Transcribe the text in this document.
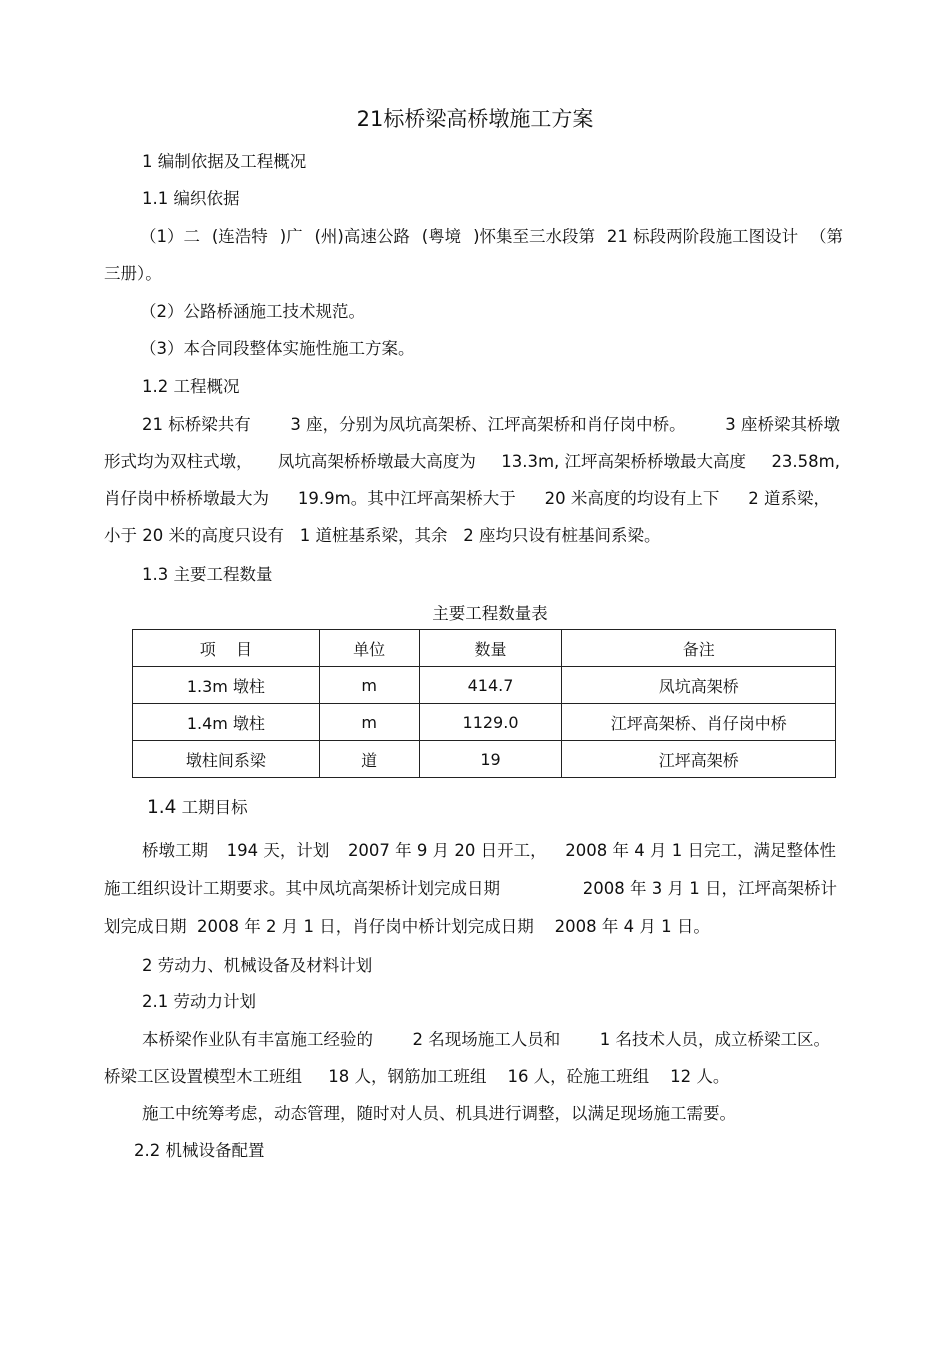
21标桥梁高桥墩施工方案
1 编制依据及工程概况
1.1 编织依据
（1）二 (连浩特 )广 (州)高速公路 (粤境 )怀集至三水段第 21 标段两阶段施工图设计 （第
三册）。
（2）公路桥涵施工技术规范。
（3）本合同段整体实施性施工方案。
1.2 工程概况
21 标桥梁共有 3 座，分别为凤坑高架桥、江坪高架桥和肖仔岗中桥。 3 座桥梁其桥墩
形式均为双柱式墩， 凤坑高架桥桥墩最大高度为 13.3m, 江坪高架桥桥墩最大高度 23.58m,
肖仔岗中桥桥墩最大为 19.9m。其中江坪高架桥大于 20 米高度的均设有上下 2 道系梁，
小于 20 米的高度只设有   1 道桩基系梁，其余   2 座均只设有桩基间系梁。
1.3 主要工程数量
主要工程数量表
项    目	单位	数量	备注
1.3m 墩柱	m	414.7	凤坑高架桥
1.4m 墩柱	m	1129.0	江坪高架桥、肖仔岗中桥
墩柱间系梁	道	19	江坪高架桥
1.4 工期目标
桥墩工期 194 天，计划 2007 年 9 月 20 日开工， 2008 年 4 月 1 日完工，满足整体性
施工组织设计工期要求。其中凤坑高架桥计划完成日期	2008 年 3 月 1 日，江坪高架桥计
划完成日期  2008 年 2 月 1 日，肖仔岗中桥计划完成日期    2008 年 4 月 1 日。
2 劳动力、机械设备及材料计划
2.1 劳动力计划
本桥梁作业队有丰富施工经验的 2 名现场施工人员和 1 名技术人员，成立桥梁工区。
桥梁工区设置模型木工班组     18 人，钢筋加工班组    16 人，砼施工班组    12 人。
施工中统筹考虑，动态管理，随时对人员、机具进行调整，以满足现场施工需要。
2.2 机械设备配置
